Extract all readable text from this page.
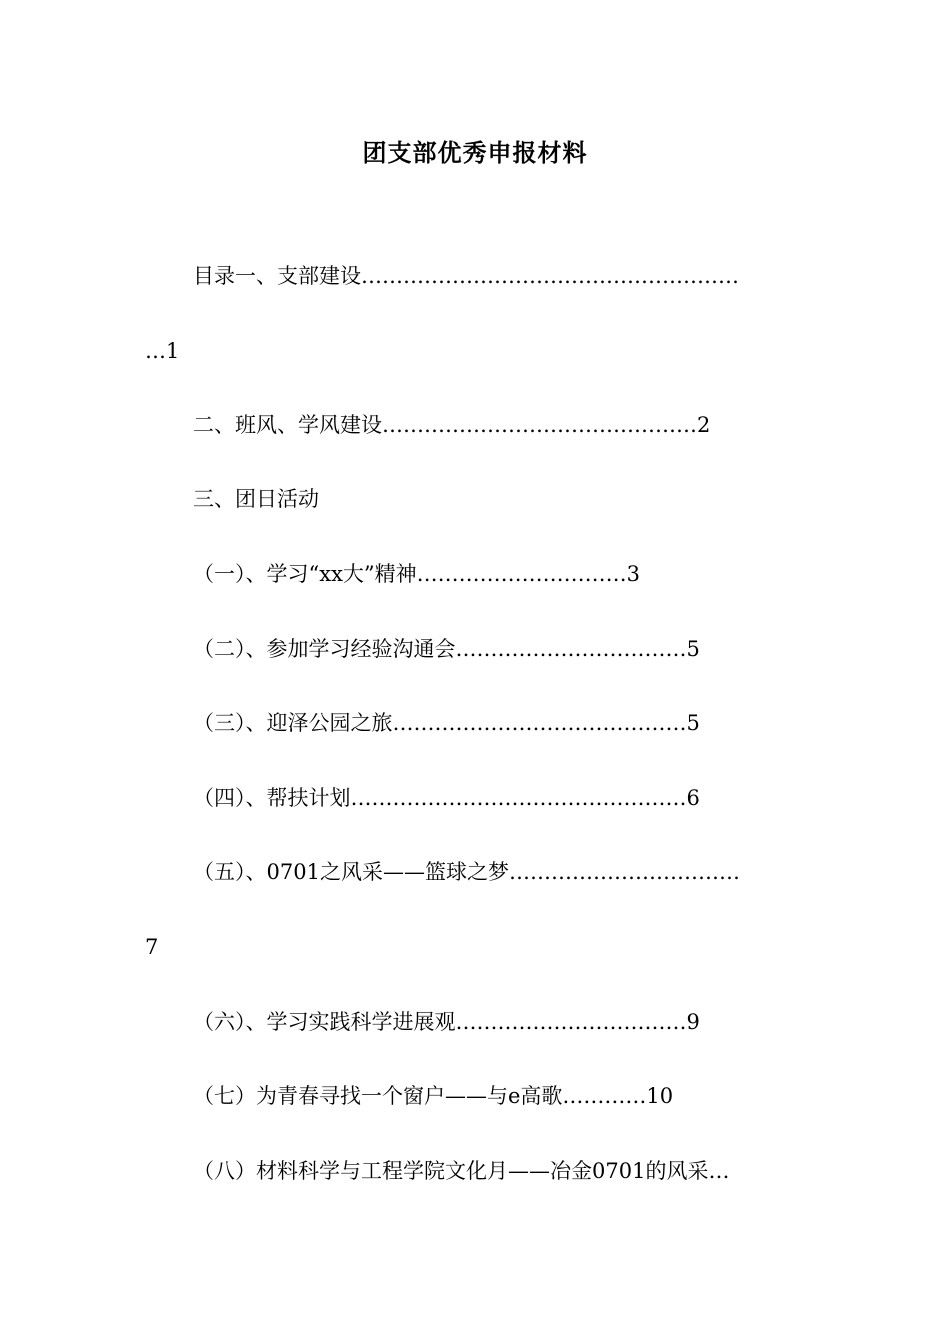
团支部优秀申报材料
目录一、支部建设………………………………………………
…1
二、班风、学风建设………………………………………2
三、团日活动
（一）、学习“xx大”精神…………………………3
（二）、参加学习经验沟通会……………………………5
（三）、迎泽公园之旅……………………………………5
（四）、帮扶计划…………………………………………6
（五）、0701之风采——篮球之梦……………………………
7
（六）、学习实践科学进展观……………………………9
（七）为青春寻找一个窗户——与e高歌…………10
（八）材料科学与工程学院文化月——冶金0701的风采…
